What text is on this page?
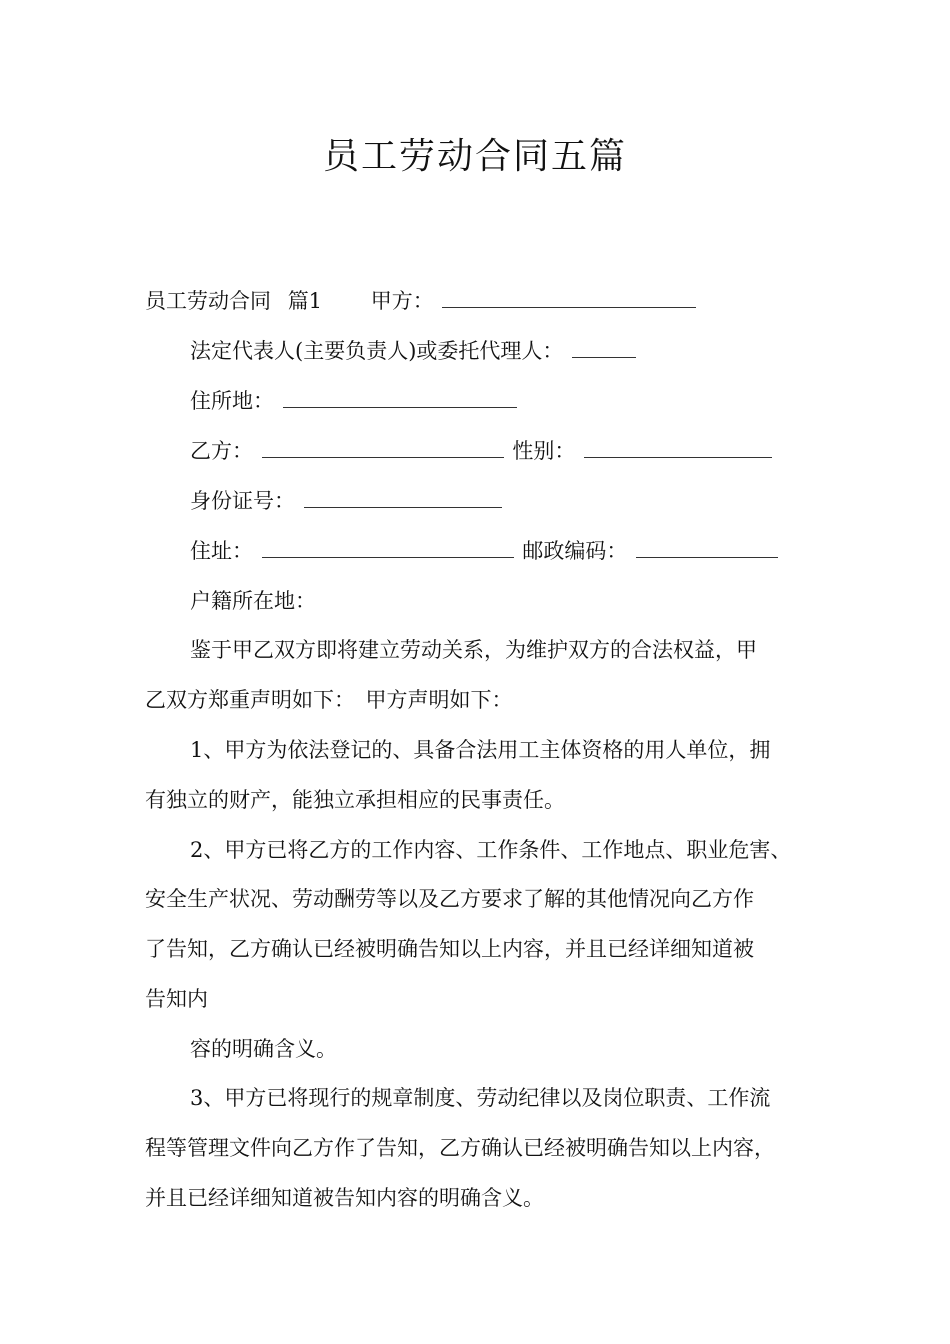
员工劳动合同五篇
员工劳动合同 篇1 甲方：
法定代表人(主要负责人)或委托代理人：
住所地：
乙方：	性别：
身份证号：
住址：	邮政编码：
户籍所在地：
鉴于甲乙双方即将建立劳动关系，为维护双方的合法权益，甲
乙双方郑重声明如下：　甲方声明如下：
1、甲方为依法登记的、具备合法用工主体资格的用人单位，拥
有独立的财产，能独立承担相应的民事责任。
2、甲方已将乙方的工作内容、工作条件、工作地点、职业危害、
安全生产状况、劳动酬劳等以及乙方要求了解的其他情况向乙方作
了告知，乙方确认已经被明确告知以上内容，并且已经详细知道被
告知内
容的明确含义。
3、甲方已将现行的规章制度、劳动纪律以及岗位职责、工作流
程等管理文件向乙方作了告知，乙方确认已经被明确告知以上内容，
并且已经详细知道被告知内容的明确含义。
